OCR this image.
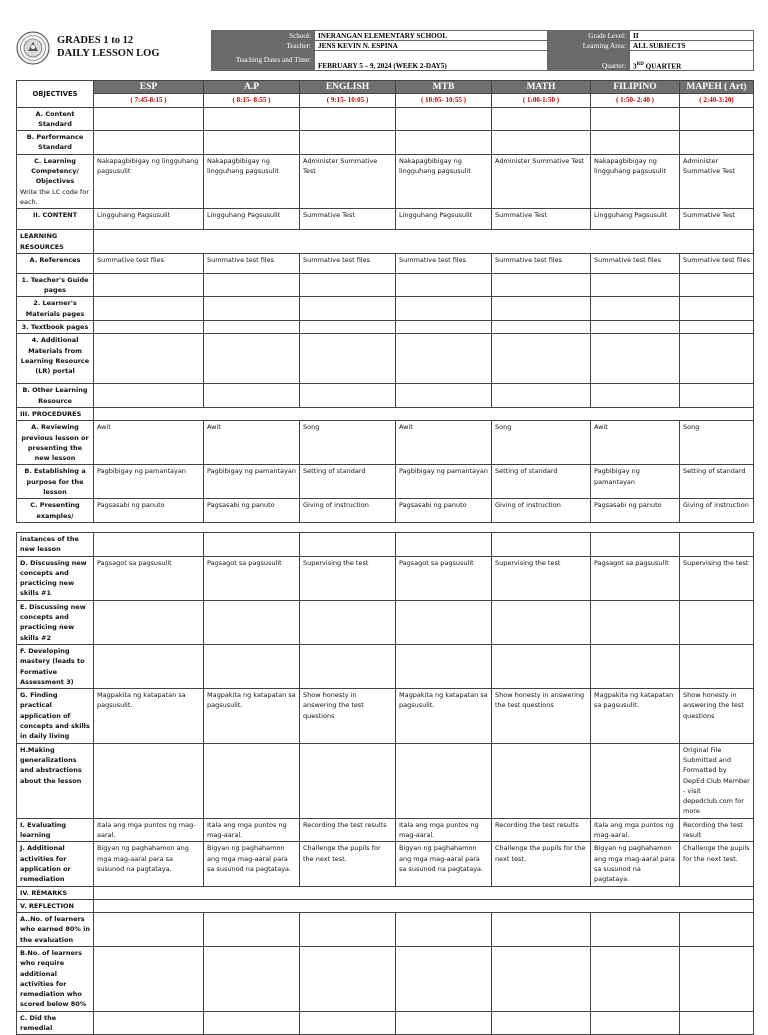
GRADES 1 to 12
DAILY LESSON LOG
School:	INERANGAN ELEMENTARY SCHOOL
Teacher:	JENS KEVIN N. ESPINA
Teaching Dates and Time:	FEBRUARY 5 – 9, 2024 (WEEK 2-DAY5)
Grade Level:	II
Learning Area:	ALL SUBJECTS
Quarter:	3RD QUARTER
OBJECTIVES	ESP	A.P	ENGLISH	MTB	MATH	FILIPINO	MAPEH ( Art)
	( 7:45-8:15 )	( 8:15- 8:55 )	( 9:15- 10:05 )	( 10:05- 10:55 )	( 1:00-1:50 )	( 1:50- 2:40 )	( 2:40-3:20)
A. Content Standard							
B. Performance Standard							
C. Learning Competency/ Objectives
Write the LC code for each.	Nakapagbibigay ng lingguhang pagsusulit	Nakapagbibigay ng lingguhang pagsusulit	Administer Summative Test	Nakapagbibigay ng lingguhang pagsusulit	Administer Summative Test	Nakapagbibigay ng lingguhang pagsusulit	Administer Summative Test
II. CONTENT	Lingguhang Pagsusulit	Lingguhang Pagsusulit	Summative Test	Lingguhang Pagsusulit	Summative Test	Lingguhang Pagsusulit	Summative Test
LEARNING RESOURCES							
A. References	Summative test files	Summative test files	Summative test files	Summative test files	Summative test files	Summative test files	Summative test files
1. Teacher's Guide pages							
2. Learner's Materials pages							
3. Textbook pages							
4. Additional Materials from Learning Resource (LR) portal							
B. Other Learning Resource							
III. PROCEDURES							
A. Reviewing previous lesson or presenting the new lesson	Awit	Awit	Song	Awit	Song	Awit	Song
B. Establishing a purpose for the lesson	Pagbibigay ng pamantayan	Pagbibigay ng pamantayan	Setting of standard	Pagbibigay ng pamantayan	Setting of standard	Pagbibigay ng pamantayan	Setting of standard
C. Presenting examples/	Pagsasabi ng panuto	Pagsasabi ng panuto	Giving of instruction	Pagsasabi ng panuto	Giving of instruction	Pagsasabi ng panuto	Giving of instruction
instances of the new lesson							
D. Discussing new concepts and practicing new skills #1	Pagsagot sa pagsusulit	Pagsagot sa pagsusulit	Supervising the test	Pagsagot sa pagsusulit	Supervising the test	Pagsagot sa pagsusulit	Supervising the test
E. Discussing new concepts and practicing new skills #2							
F. Developing mastery (leads to Formative Assessment 3)							
G. Finding practical application of concepts and skills in daily living	Magpakita ng katapatan sa pagsusulit.	Magpakita ng katapatan sa pagsusulit.	Show honesty in answering the test questions	Magpakita ng katapatan sa pagsusulit.	Show honesty in answering the test questions	Magpakita ng katapatan sa pagsusulit.	Show honesty in answering the test questions
H.Making generalizations and abstractions about the lesson							Original File Submitted and Formatted by DepEd Club Member - visit depedclub.com for more
I. Evaluating learning	Itala ang mga puntos ng mag-aaral.	Itala ang mga puntos ng mag-aaral.	Recording the test results	Itala ang mga puntos ng mag-aaral.	Recording the test results	Itala ang mga puntos ng mag-aaral.	Recording the test result
J. Additional activities for application or remediation	Bigyan ng paghahamon ang mga mag-aaral para sa susunod na pagtataya.	Bigyan ng paghahamon ang mga mag-aaral para sa susunod na pagtataya.	Challenge the pupils for the next test.	Bigyan ng paghahamon ang mga mag-aaral para sa susunod na pagtataya.	Challenge the pupils for the next test.	Bigyan ng paghahamon ang mga mag-aaral para sa susunod na pagtataya.	Challenge the pupils for the next test.
IV. REMARKS							
V. REFLECTION							
A..No. of learners who earned 80% in the evaluation							
B.No. of learners who require additional activities for remediation who scored below 80%							
C. Did the remedial							
